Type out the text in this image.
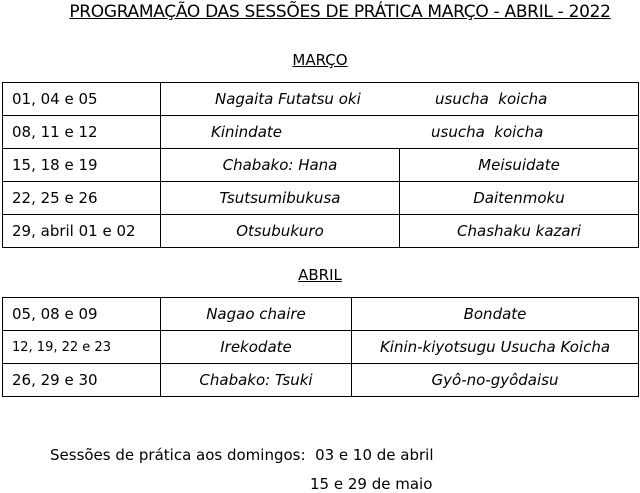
PROGRAMAÇÃO DAS SESSÕES DE PRÁTICA MARÇO - ABRIL - 2022
MARÇO
01, 04 e 05	Nagaita Futatsu oki usucha  koicha	
08, 11 e 12	Kinindate usucha  koicha	
15, 18 e 19	Chabako: Hana	Meisuidate
22, 25 e 26	Tsutsumibukusa	Daitenmoku
29, abril 01 e 02	Otsubukuro	Chashaku kazari
ABRIL
05, 08 e 09	Nagao chaire	Bondate
12, 19, 22 e 23	Irekodate	Kinin-kiyotsugu Usucha Koicha
26, 29 e 30	Chabako: Tsuki	Gyô-no-gyôdaisu
Sessões de prática aos domingos:  03 e 10 de abril
15 e 29 de maio
